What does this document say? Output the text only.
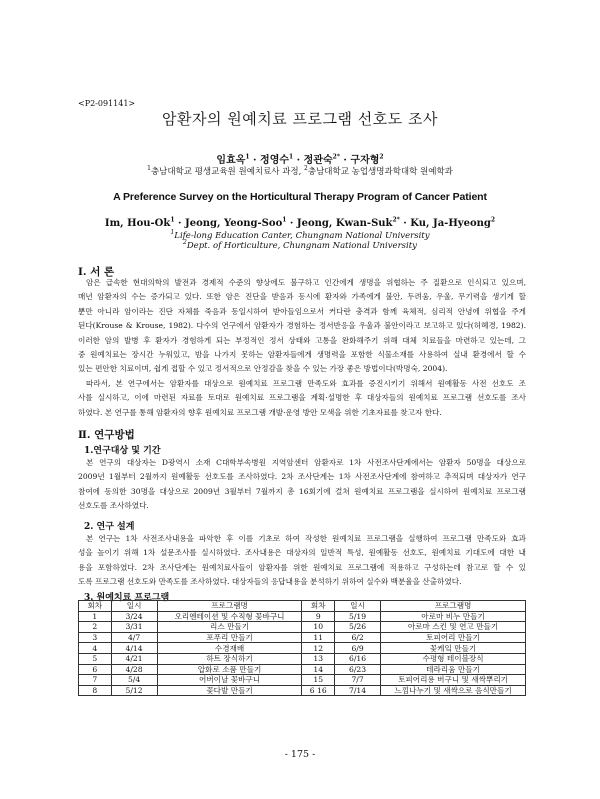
<P2-091141>
암환자의 원예치료 프로그램 선호도 조사
임효옥$^1$ · 정영수$^1$ · 정관숙$^{2*}$ · 구자형$^2$
$^1$충남대학교 평생교육원 원예치료사 과정, $^2$충남대학교 농업생명과학대학 원예학과
A Preference Survey on the Horticultural Therapy Program of Cancer Patient
Im, Hou-$Ok^1$ · Jeong, Yeong-Soo$^1$ · Jeong, Kwan-Suk$^{2*}$ · Ku, Ja-Hyeong$^2$
$^1$Life-long Education Canter, Chungnam National University
$^2$Dept. of Horticulture, Chungnam National University
Ⅰ. 서 론
암은 급속한 현대의학의 발전과 경제적 수준의 향상에도 불구하고 인간에게 생명을 위협하는 주 질환으로 인식되고 있으며,
매년 암환자의 수는 증가되고 있다. 또한 암은 진단을 받음과 동시에 환자와 가족에게 불안, 두려움, 우울, 무기력을 생기게 할
뿐만 아니라 암이라는 진단 자체를 죽음과 동일시하여 받아들임으로서 커다란 충격과 함께 육체적, 심리적 안녕에 위협을 주게
된다(Krouse & Krouse, 1982). 다수의 연구에서 암환자가 경험하는 정서반응을 우울과 불안이라고 보고하고 있다(허혜경, 1982).
이러한 암의 발병 후 환자가 경험하게 되는 부정적인 정서 상태와 고통을 완화해주기 위해 대체 치료들을 마련하고 있는데, 그
중 원예치료는 장시간 누워있고, 밤을 나가지 못하는 암환자들에게 생명력을 포함한 식물소재를 사용하여 실내 환경에서 할 수
있는 편안한 치료이며, 쉽게 접할 수 있고 정서적으로 안정감을 찾을 수 있는 가장 좋은 방법이다(박명숙, 2004).
따라서, 본 연구에서는 암환자를 대상으로 원예치료 프로그램 만족도와 효과를 증진시키기 위해서 원예활동 사전 선호도 조
사를 실시하고, 이에 마련된 자료를 토대로 원예치료 프로그램을 계획·설명한 후 대상자들의 원예치료 프로그램 선호도를 조사
하였다. 본 연구를 통해 암환자의 향후 원예치료 프로그램 개발·운영 방안 모색을 위한 기초자료를 찾고자 한다.
Ⅱ. 연구방법
1.연구대상 및 기간
본 연구의 대상자는 D광역시 소재 C대학부속병원 지역암센터 암환자로 1차 사전조사단계에서는 암환자 50명을 대상으로
2009년 1월부터 2월까지 원예활동 선호도를 조사하였다. 2차 조사단계는 1차 사전조사단계에 참여하고 추적되며 대상자가 연구
참여에 동의한 30명을 대상으로 2009년 3월부터 7월까지 총 16회기에 걸쳐 원예치료 프로그램을 실시하여 원예치료 프로그램
선호도를 조사하였다.
2. 연구 설계
본 연구는 1차 사전조사내용을 파악한 후 이를 기초로 하여 작성한 원예치료 프로그램을 실행하여 프로그램 만족도와 효과
성을 높이기 위해 1차 설문조사를 실시하였다. 조사내용은 대상자의 일반적 특성, 원예활동 선호도, 원예치료 기대도에 대한 내
용을 포함하였다. 2차 조사단계는 원예치료사들이 암환자를 위한 원예치료 프로그램에 적용하고 구성하는데 참고로 할 수 있
도록 프로그램 선호도와 만족도를 조사하였다. 대상자들의 응답내용을 분석하기 위하여 실수와 백분율을 산출하였다.
3. 원예치료 프로그램
회차	일시	프로그램명	회차	일시	프로그램명
1	3/24	오리엔테이션 및 수직형 꽃바구니	9	5/19	아로마 비누 만들기
2	3/31	리스 만들기	10	5/26	아로마 스킨 및 연고 만들기
3	4/7	포푸리 만들기	11	6/2	토피어리 만들기
4	4/14	수경재배	12	6/9	꽃케잌 만들기
5	4/21	하트 장식하기	13	6/16	수평형 테이블장식
6	4/28	압화로 소품 만들기	14	6/23	테라리움 만들기
7	5/4	어버이날 꽃바구니	15	7/7	토피어리용 버구니 및 새싹뿌리기
8	5/12	꽃다발 만들기	6 16	7/14	느낌나누기 및 새싹으로 음식만들기
- 175 -
